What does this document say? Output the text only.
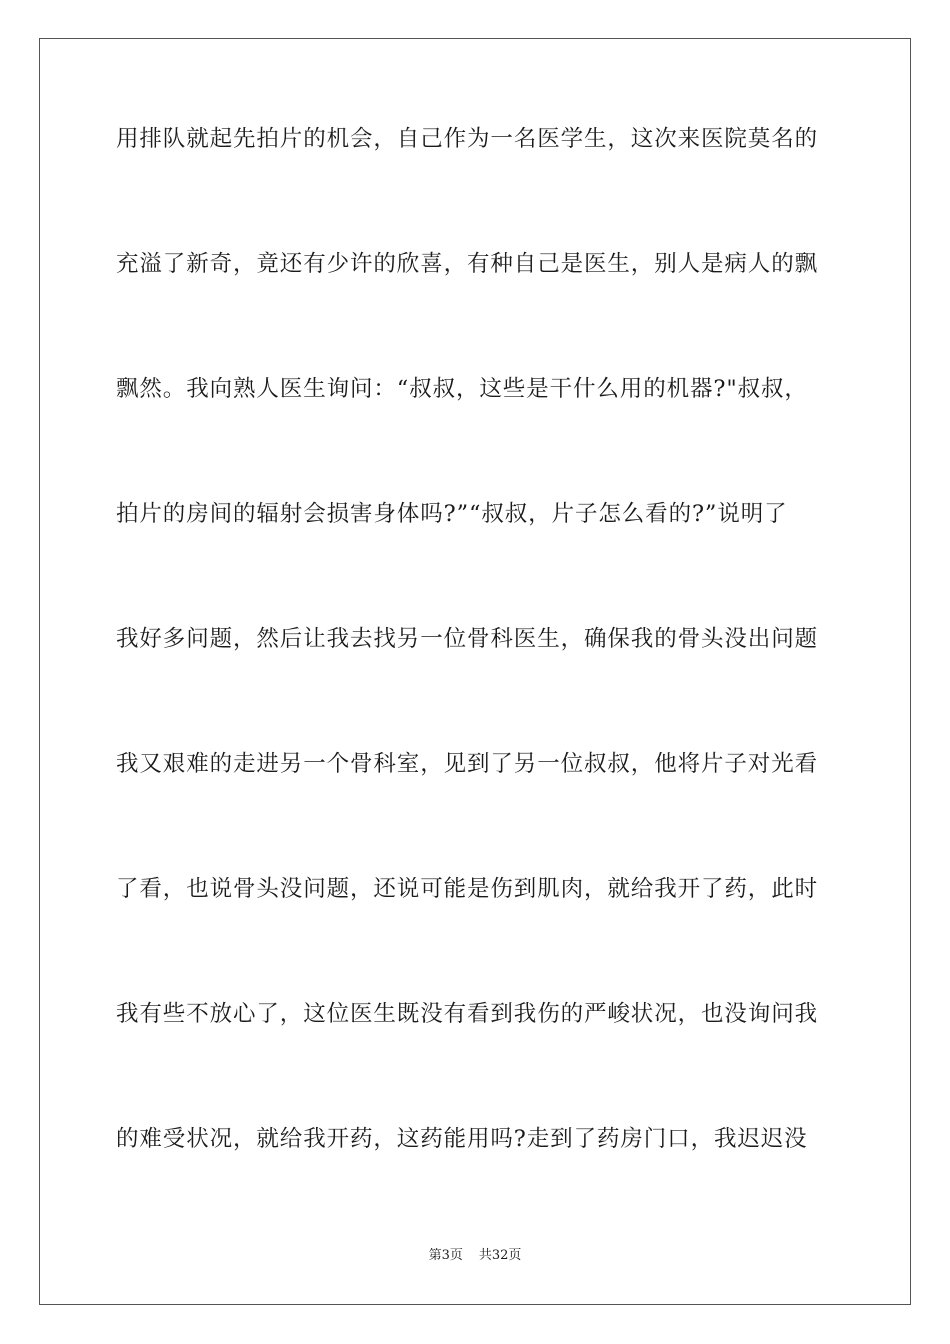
用排队就起先拍片的机会，自己作为一名医学生，这次来医院莫名的
充溢了新奇，竟还有少许的欣喜，有种自己是医生，别人是病人的飘
飘然。我向熟人医生询问：“叔叔，这些是干什么用的机器?"叔叔，
拍片的房间的辐射会损害身体吗?”“叔叔，片子怎么看的?”说明了
我好多问题，然后让我去找另一位骨科医生，确保我的骨头没出问题
我又艰难的走进另一个骨科室，见到了另一位叔叔，他将片子对光看
了看，也说骨头没问题，还说可能是伤到肌肉，就给我开了药，此时
我有些不放心了，这位医生既没有看到我伤的严峻状况，也没询问我
的难受状况，就给我开药，这药能用吗?走到了药房门口，我迟迟没
第3页 共32页
